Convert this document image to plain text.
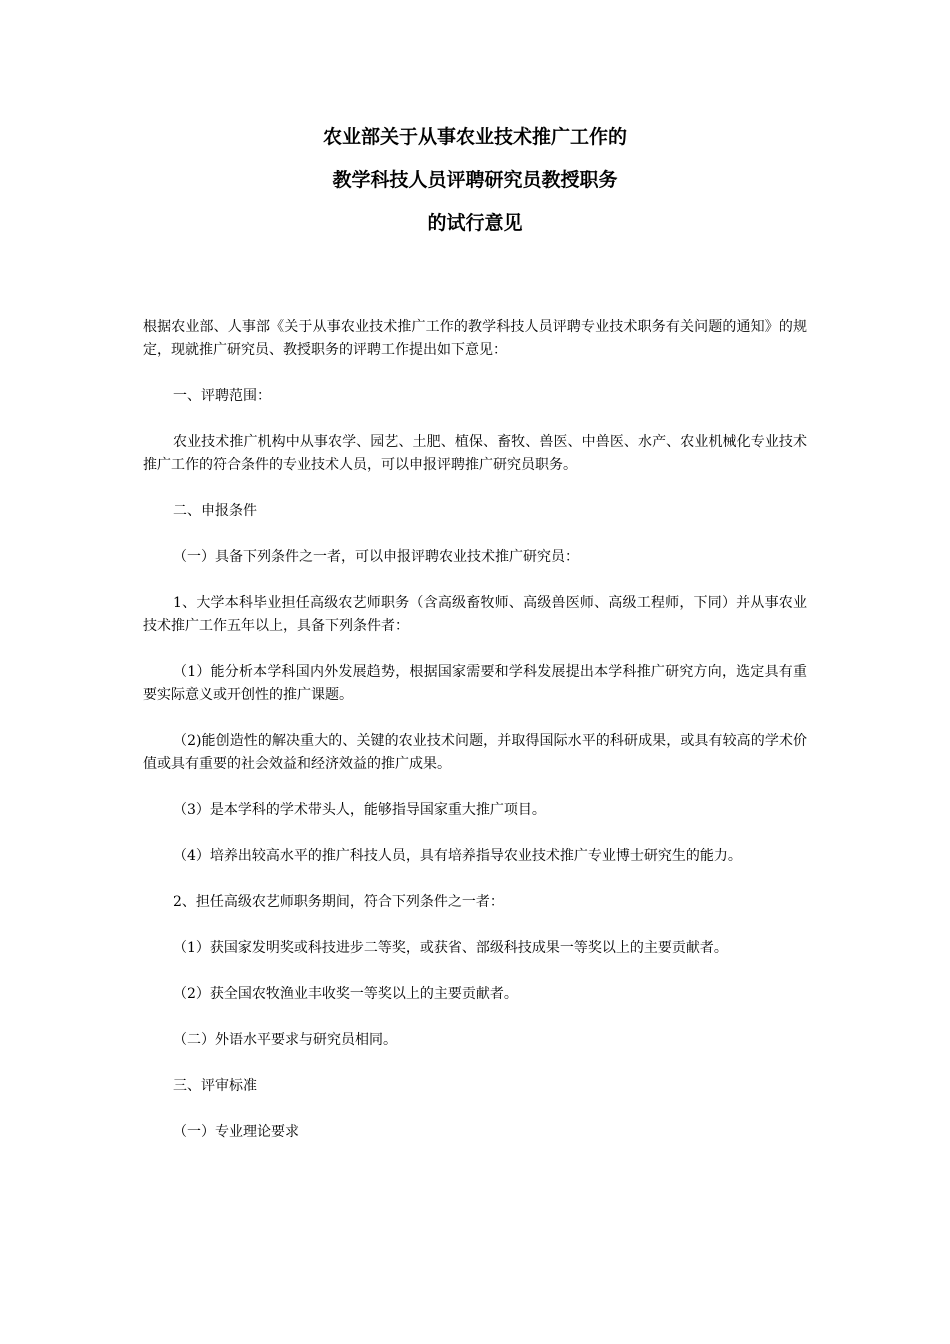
农业部关于从事农业技术推广工作的
教学科技人员评聘研究员教授职务
的试行意见

根据农业部、人事部《关于从事农业技术推广工作的教学科技人员评聘专业技术职务有关问题的通知》的规定，现就推广研究员、教授职务的评聘工作提出如下意见：

一、评聘范围：

农业技术推广机构中从事农学、园艺、土肥、植保、畜牧、兽医、中兽医、水产、农业机械化专业技术推广工作的符合条件的专业技术人员，可以申报评聘推广研究员职务。

二、申报条件

（一）具备下列条件之一者，可以申报评聘农业技术推广研究员：

1、大学本科毕业担任高级农艺师职务（含高级畜牧师、高级兽医师、高级工程师，下同）并从事农业技术推广工作五年以上，具备下列条件者：

（1）能分析本学科国内外发展趋势，根据国家需要和学科发展提出本学科推广研究方向，选定具有重要实际意义或开创性的推广课题。

（2)能创造性的解决重大的、关键的农业技术问题，并取得国际水平的科研成果，或具有较高的学术价值或具有重要的社会效益和经济效益的推广成果。

（3）是本学科的学术带头人，能够指导国家重大推广项目。

（4）培养出较高水平的推广科技人员，具有培养指导农业技术推广专业博士研究生的能力。

2、担任高级农艺师职务期间，符合下列条件之一者：

（1）获国家发明奖或科技进步二等奖，或获省、部级科技成果一等奖以上的主要贡献者。

（2）获全国农牧渔业丰收奖一等奖以上的主要贡献者。

（二）外语水平要求与研究员相同。

三、评审标准

（一）专业理论要求
